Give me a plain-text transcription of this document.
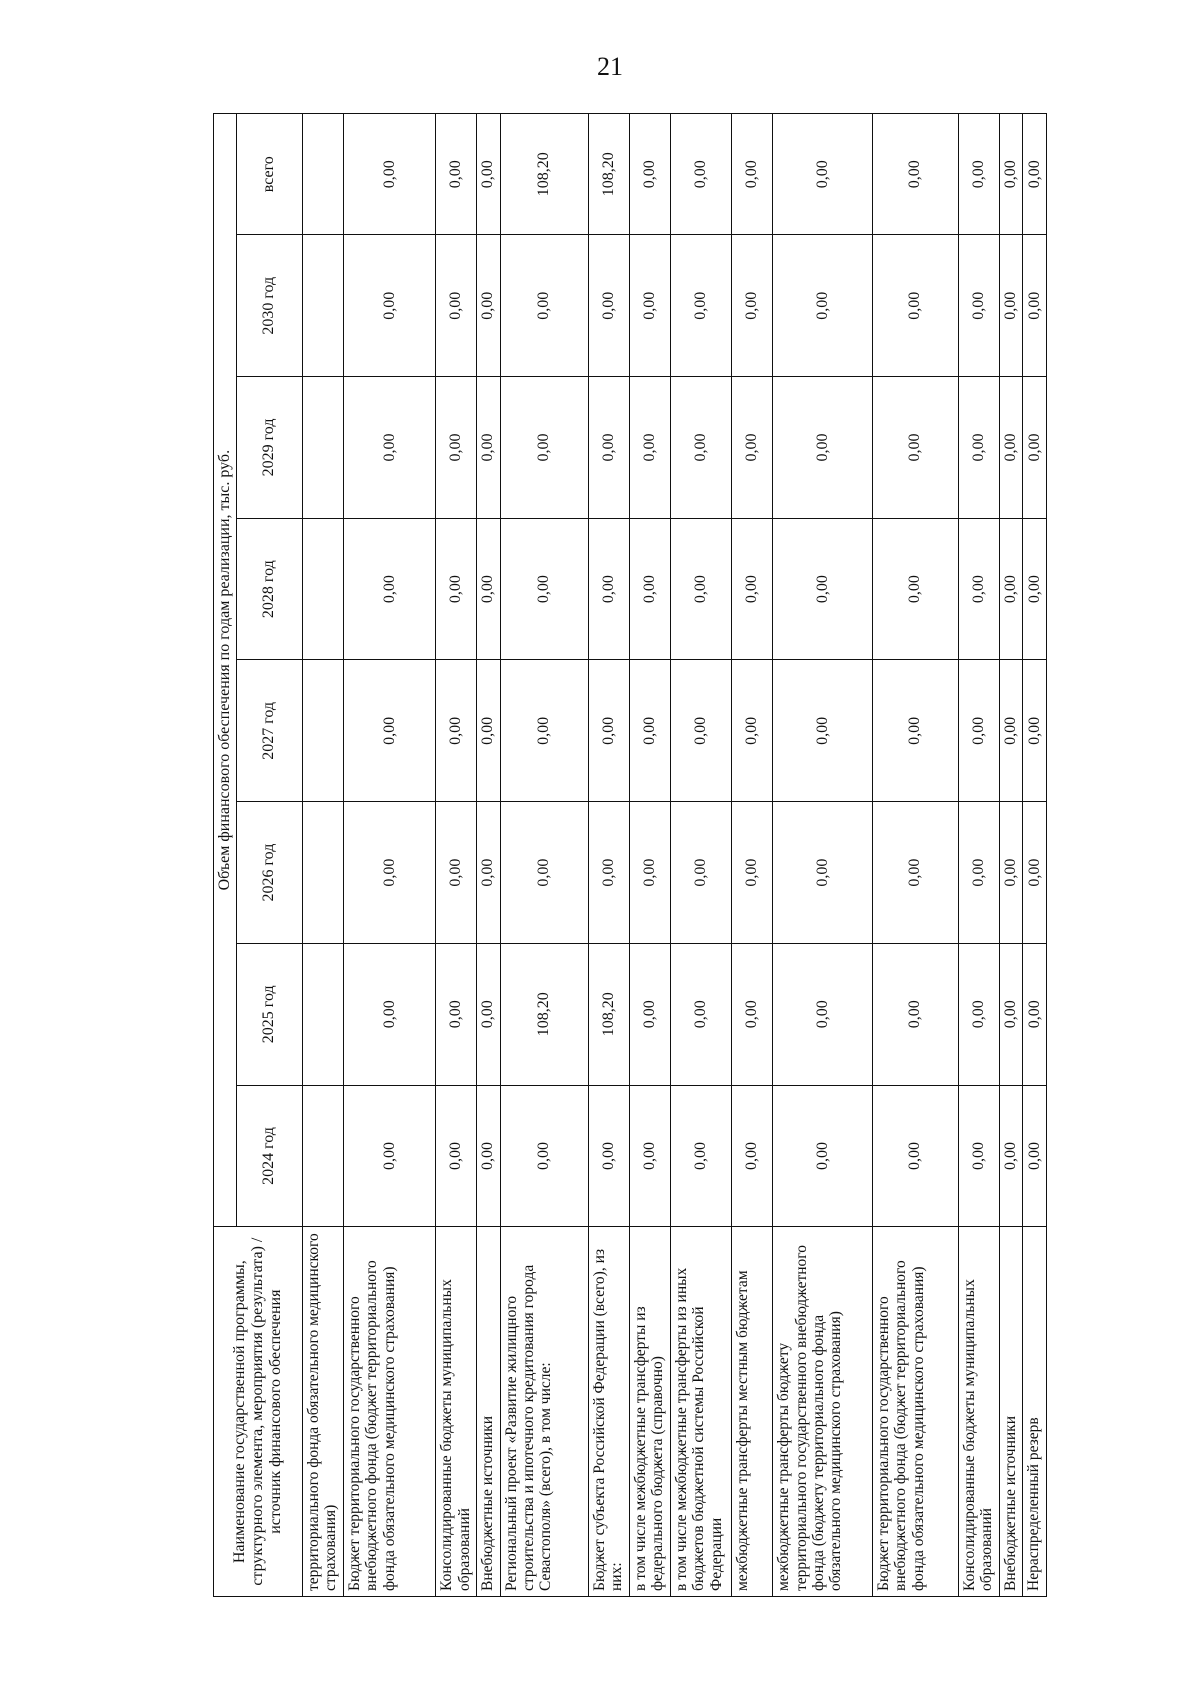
21
Наименование государственной программы, структурного элемента, мероприятия (результата) / источник финансового обеспечения	Объем финансового обеспечения по годам реализации, тыс. руб.							
	2024 год	2025 год	2026 год	2027 год	2028 год	2029 год	2030 год	всего
территориального фонда обязательного медицинского страхования)								
Бюджет территориального государственного внебюджетного фонда (бюджет территориального фонда обязательного медицинского страхования)	0,00	0,00	0,00	0,00	0,00	0,00	0,00	0,00
Консолидированные бюджеты муниципальных образований	0,00	0,00	0,00	0,00	0,00	0,00	0,00	0,00
Внебюджетные источники	0,00	0,00	0,00	0,00	0,00	0,00	0,00	0,00
Региональный проект «Развитие жилищного строительства и ипотечного кредитования города Севастополя» (всего), в том числе:	0,00	108,20	0,00	0,00	0,00	0,00	0,00	108,20
Бюджет субъекта Российской Федерации (всего), из них:	0,00	108,20	0,00	0,00	0,00	0,00	0,00	108,20
в том числе межбюджетные трансферты из федерального бюджета (справочно)	0,00	0,00	0,00	0,00	0,00	0,00	0,00	0,00
в том числе межбюджетные трансферты из иных бюджетов бюджетной системы Российской Федерации	0,00	0,00	0,00	0,00	0,00	0,00	0,00	0,00
межбюджетные трансферты местным бюджетам	0,00	0,00	0,00	0,00	0,00	0,00	0,00	0,00
межбюджетные трансферты бюджету территориального государственного внебюджетного фонда (бюджету территориального фонда обязательного медицинского страхования)	0,00	0,00	0,00	0,00	0,00	0,00	0,00	0,00
Бюджет территориального государственного внебюджетного фонда (бюджет территориального фонда обязательного медицинского страхования)	0,00	0,00	0,00	0,00	0,00	0,00	0,00	0,00
Консолидированные бюджеты муниципальных образований	0,00	0,00	0,00	0,00	0,00	0,00	0,00	0,00
Внебюджетные источники	0,00	0,00	0,00	0,00	0,00	0,00	0,00	0,00
Нераспределенный резерв	0,00	0,00	0,00	0,00	0,00	0,00	0,00	0,00
